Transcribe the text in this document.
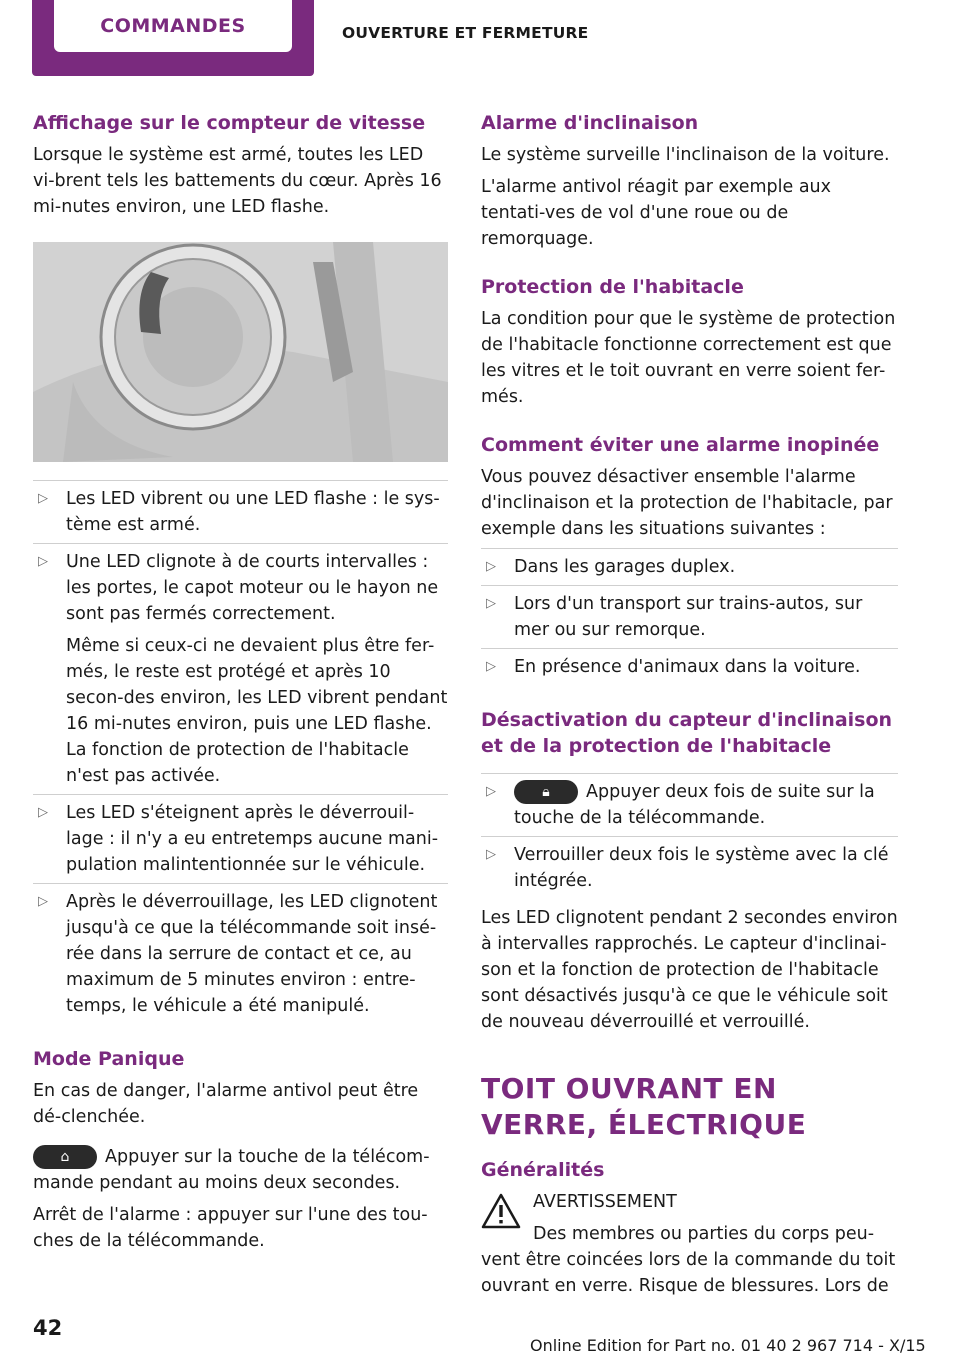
COMMANDES	OUVERTURE ET FERMETURE
Affichage sur le compteur de vitesse

Lorsque le système est armé, toutes les LED vi-brent tels les battements du cœur. Après 16 mi-nutes environ, une LED flashe.

▷ Les LED vibrent ou une LED flashe : le sys-tème est armé.
▷ Une LED clignote à de courts intervalles : les portes, le capot moteur ou le hayon ne sont pas fermés correctement.
Même si ceux-ci ne devaient plus être fer-més, le reste est protégé et après 10 secon-des environ, les LED vibrent pendant 16 mi-nutes environ, puis une LED flashe. La fonction de protection de l'habitacle n'est pas activée.
▷ Les LED s'éteignent après le déverrouil-lage : il n'y a eu entretemps aucune mani-pulation malintentionnée sur le véhicule.
▷ Après le déverrouillage, les LED clignotent jusqu'à ce que la télécommande soit insé-rée dans la serrure de contact et ce, au maximum de 5 minutes environ : entre-temps, le véhicule a été manipulé.
Mode Panique

En cas de danger, l'alarme antivol peut être dé-clenchée.

⌂	Appuyer sur la touche de la télécom-mande pendant au moins deux secondes.

Arrêt de l'alarme : appuyer sur l'une des tou-ches de la télécommande.

Alarme d'inclinaison

Le système surveille l'inclinaison de la voiture.

L'alarme antivol réagit par exemple aux tentati-ves de vol d'une roue ou de remorquage.

Protection de l'habitacle

La condition pour que le système de protection de l'habitacle fonctionne correctement est que les vitres et le toit ouvrant en verre soient fer-més.

Comment éviter une alarme inopinée

Vous pouvez désactiver ensemble l'alarme d'inclinaison et la protection de l'habitacle, par exemple dans les situations suivantes :

▷ Dans les garages duplex.
▷ Lors d'un transport sur trains-autos, sur mer ou sur remorque.
▷ En présence d'animaux dans la voiture.
Désactivation du capteur d'inclinaison et de la protection de l'habitacle
▷	🔒︎	Appuyer deux fois de suite sur la touche de la télécommande.
▷ Verrouiller deux fois le système avec la clé intégrée.

Les LED clignotent pendant 2 secondes environ à intervalles rapprochés. Le capteur d'inclinai-son et la fonction de protection de l'habitacle sont désactivés jusqu'à ce que le véhicule soit de nouveau déverrouillé et verrouillé.

TOIT OUVRANT EN VERRE, ÉLECTRIQUE
Généralités

AVERTISSEMENT

Des membres ou parties du corps peu-vent être coincées lors de la commande du toit ouvrant en verre. Risque de blessures. Lors de

42
Online Edition for Part no. 01 40 2 967 714 - X/15
